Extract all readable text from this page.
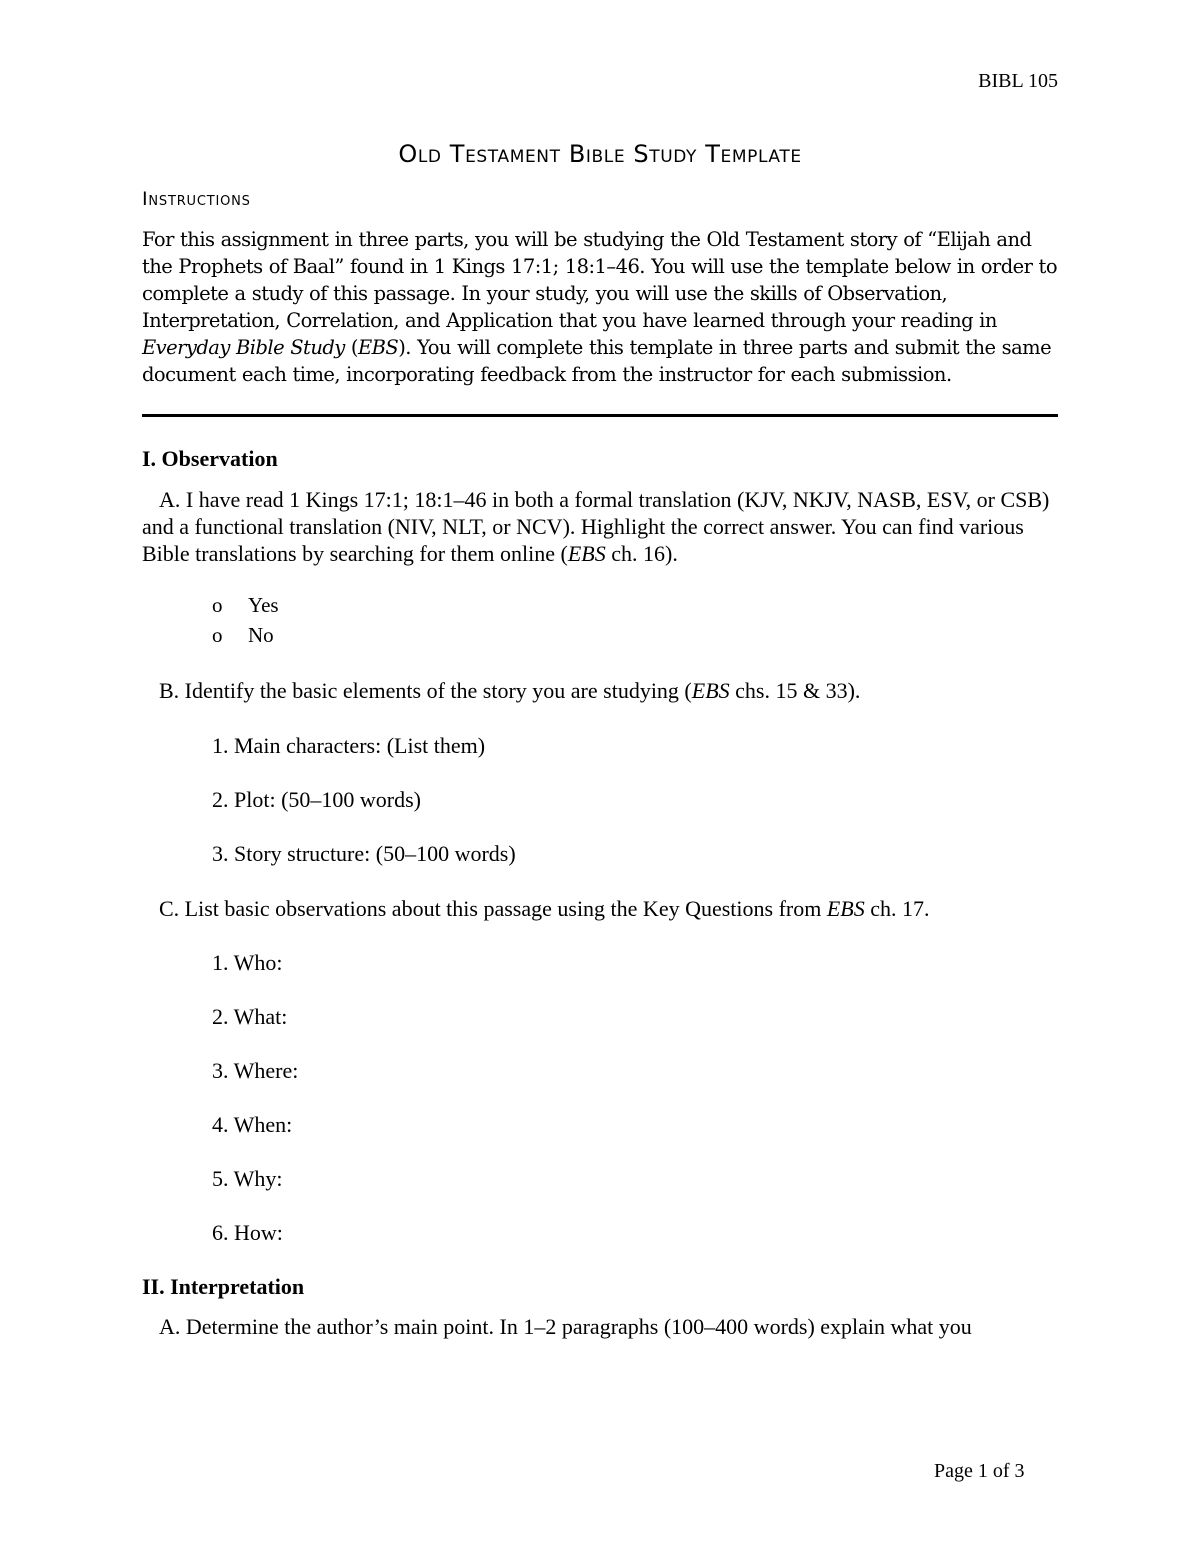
BIBL 105
Old Testament Bible Study Template
Instructions
For this assignment in three parts, you will be studying the Old Testament story of “Elijah and the Prophets of Baal” found in 1 Kings 17:1; 18:1–46. You will use the template below in order to complete a study of this passage. In your study, you will use the skills of Observation, Interpretation, Correlation, and Application that you have learned through your reading in Everyday Bible Study (EBS). You will complete this template in three parts and submit the same document each time, incorporating feedback from the instructor for each submission.
I. Observation
A. I have read 1 Kings 17:1; 18:1–46 in both a formal translation (KJV, NKJV, NASB, ESV, or CSB) and a functional translation (NIV, NLT, or NCV). Highlight the correct answer. You can find various Bible translations by searching for them online (EBS ch. 16).
o Yes
o No
B. Identify the basic elements of the story you are studying (EBS chs. 15 & 33).
1. Main characters: (List them)
2. Plot: (50–100 words)
3. Story structure: (50–100 words)
C. List basic observations about this passage using the Key Questions from EBS ch. 17.
1. Who:
2. What:
3. Where:
4. When:
5. Why:
6. How:
II. Interpretation
A. Determine the author’s main point. In 1–2 paragraphs (100–400 words) explain what you
Page 1 of 3
